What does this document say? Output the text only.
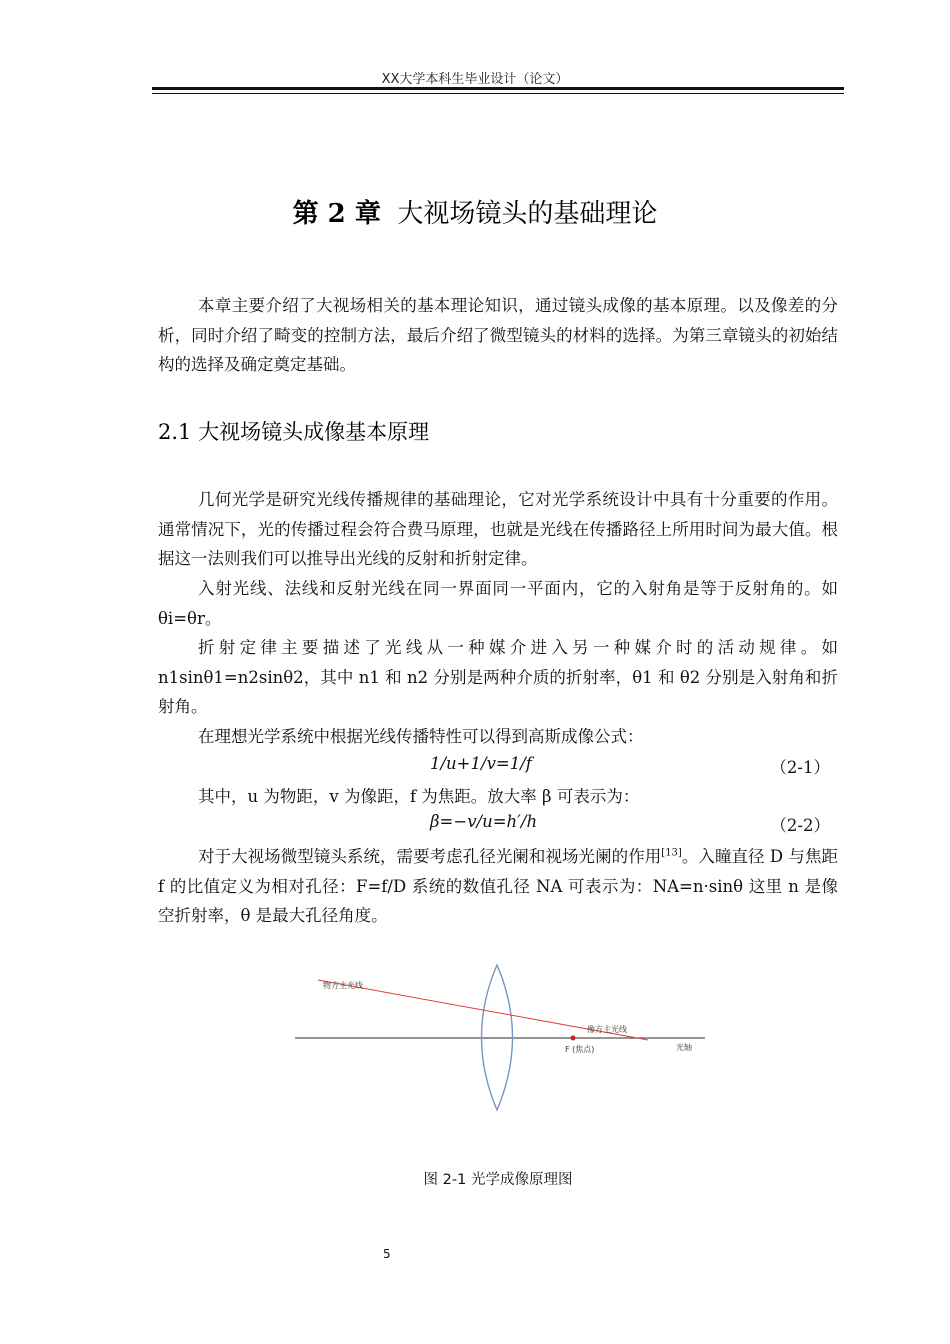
XX大学本科生毕业设计（论文）
第 2 章 大视场镜头的基础理论

本章主要介绍了大视场相关的基本理论知识，通过镜头成像的基本原理。以及像差的分析，同时介绍了畸变的控制方法，最后介绍了微型镜头的材料的选择。为第三章镜头的初始结构的选择及确定奠定基础。

2.1 大视场镜头成像基本原理

几何光学是研究光线传播规律的基础理论，它对光学系统设计中具有十分重要的作用。通常情况下，光的传播过程会符合费马原理，也就是光线在传播路径上所用时间为最大值。根据这一法则我们可以推导出光线的反射和折射定律。

入射光线、法线和反射光线在同一界面同一平面内，它的入射角是等于反射角的。如 θi=θr。

折射定律主要描述了光线从一种媒介进入另一种媒介时的活动规律。如 n1sinθ1=n2sinθ2，其中 n1 和 n2 分别是两种介质的折射率，θ1 和 θ2 分别是入射角和折射角。

在理想光学系统中根据光线传播特性可以得到高斯成像公式：

1/u+1/v=1/f	（2-1）

其中，u 为物距，v 为像距，f 为焦距。放大率 β 可表示为：

β=−v/u=h′/h	（2-2）

对于大视场微型镜头系统，需要考虑孔径光阑和视场光阑的作用[13]。入瞳直径 D 与焦距 f 的比值定义为相对孔径：F=f/D 系统的数值孔径 NA 可表示为：NA=n·sinθ 这里 n 是像空折射率，θ 是最大孔径角度。

物方主光线
像方主光线
F (焦点)	光轴
图 2-1 光学成像原理图
5
